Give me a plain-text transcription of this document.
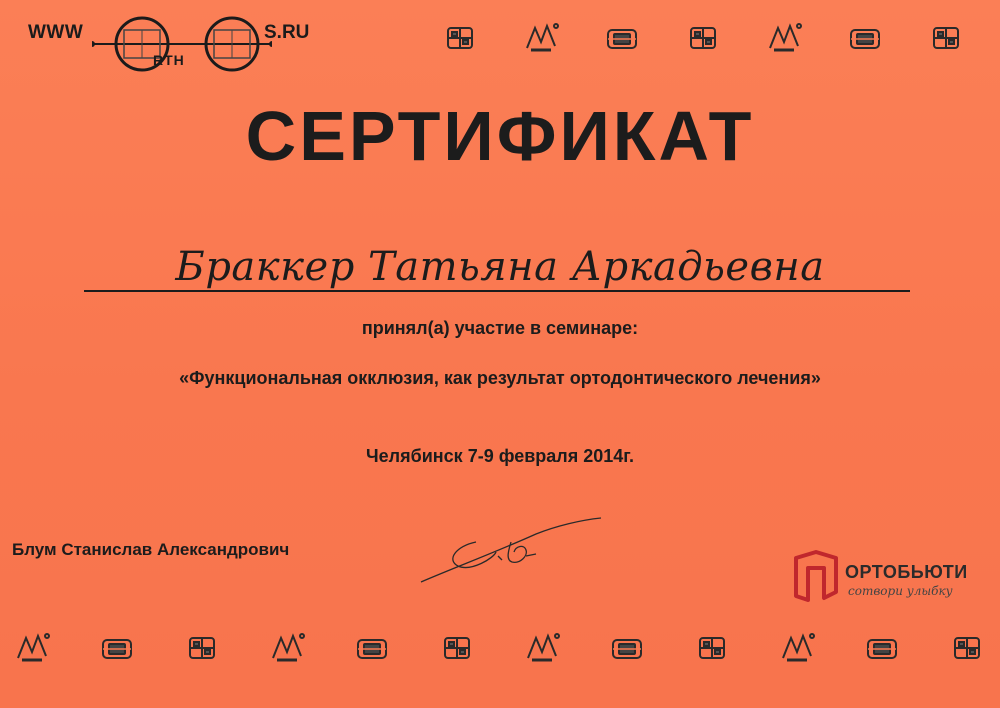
WWW
RTH
S.RU
СЕРТИФИКАТ
Браккер Татьяна Аркадьевна
принял(а) участие в семинаре:
«Функциональная окклюзия, как результат ортодонтического лечения»
Челябинск 7-9 февраля 2014г.
Блум Станислав Александрович
ОРТОБЬЮТИ
сотвори улыбку
